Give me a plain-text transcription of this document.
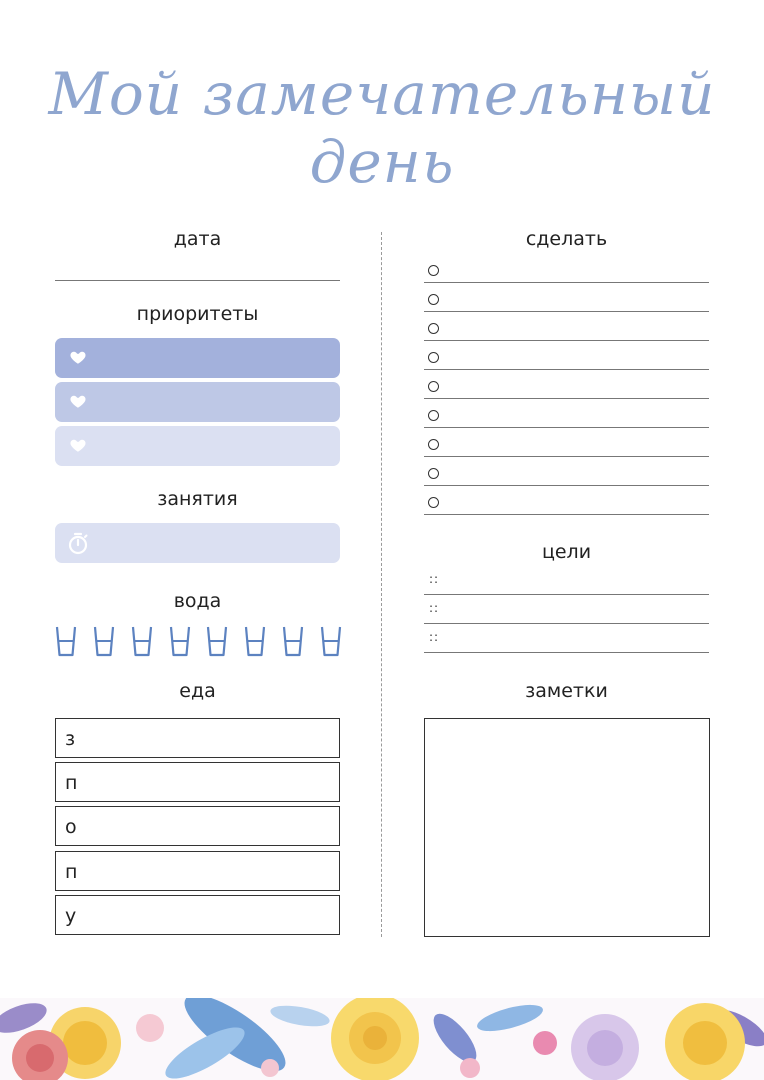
Мой замечательный день
дата
приоритеты
занятия
вода
еда
з
п
о
п
у
сделать
цели
::
::
::
заметки
